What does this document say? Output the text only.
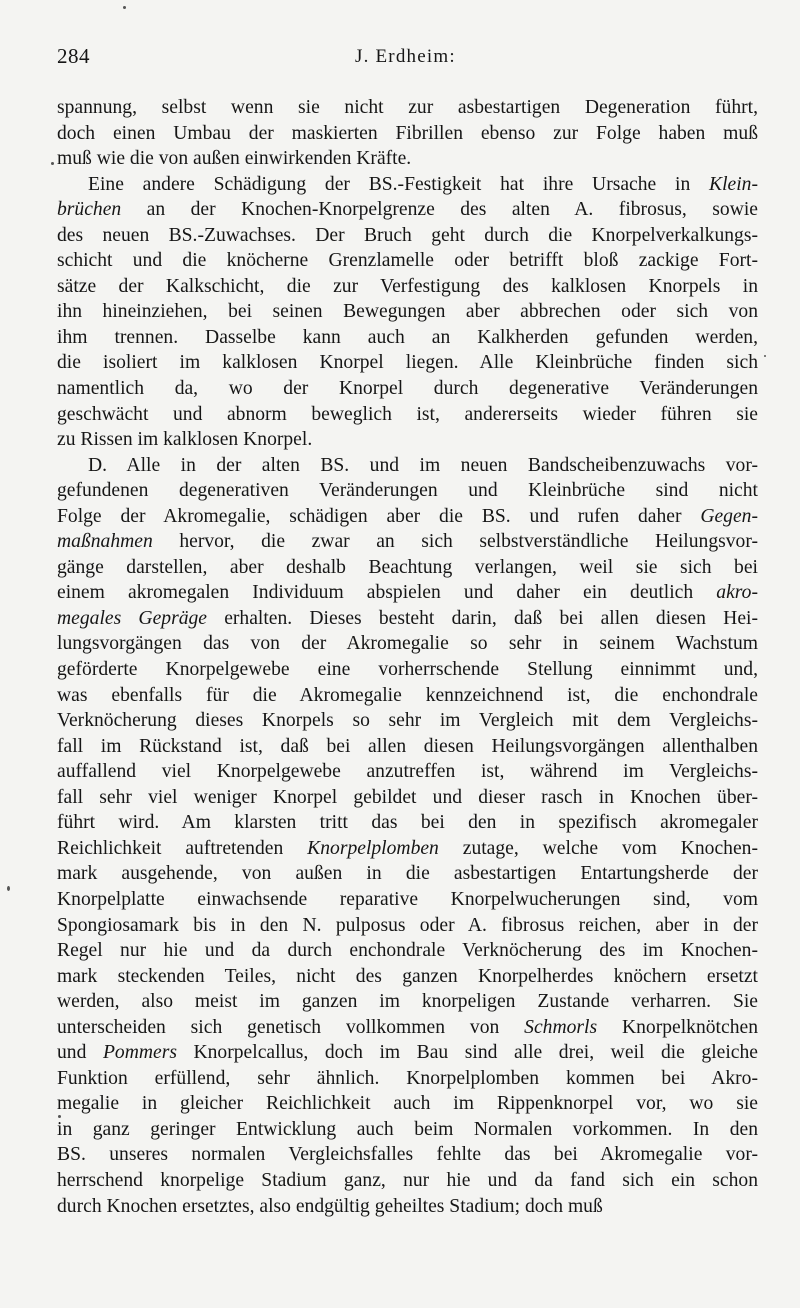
284	J. Erdheim:
spannung, selbst wenn sie nicht zur asbestartigen Degeneration führt,
doch einen Umbau der maskierten Fibrillen ebenso zur Folge haben muß
muß wie die von außen einwirkenden Kräfte.
Eine andere Schädigung der BS.-Festigkeit hat ihre Ursache in Klein-
brüchen an der Knochen-Knorpelgrenze des alten A. fibrosus, sowie
des neuen BS.-Zuwachses. Der Bruch geht durch die Knorpelverkalkungs-
schicht und die knöcherne Grenzlamelle oder betrifft bloß zackige Fort-
sätze der Kalkschicht, die zur Verfestigung des kalklosen Knorpels in
ihn hineinziehen, bei seinen Bewegungen aber abbrechen oder sich von
ihm trennen. Dasselbe kann auch an Kalkherden gefunden werden,
die isoliert im kalklosen Knorpel liegen. Alle Kleinbrüche finden sich
namentlich da, wo der Knorpel durch degenerative Veränderungen
geschwächt und abnorm beweglich ist, andererseits wieder führen sie
zu Rissen im kalklosen Knorpel.
D. Alle in der alten BS. und im neuen Bandscheibenzuwachs vor-
gefundenen degenerativen Veränderungen und Kleinbrüche sind nicht
Folge der Akromegalie, schädigen aber die BS. und rufen daher Gegen-
maßnahmen hervor, die zwar an sich selbstverständliche Heilungsvor-
gänge darstellen, aber deshalb Beachtung verlangen, weil sie sich bei
einem akromegalen Individuum abspielen und daher ein deutlich akro-
megales Gepräge erhalten. Dieses besteht darin, daß bei allen diesen Hei-
lungsvorgängen das von der Akromegalie so sehr in seinem Wachstum
geförderte Knorpelgewebe eine vorherrschende Stellung einnimmt und,
was ebenfalls für die Akromegalie kennzeichnend ist, die enchondrale
Verknöcherung dieses Knorpels so sehr im Vergleich mit dem Vergleichs-
fall im Rückstand ist, daß bei allen diesen Heilungsvorgängen allenthalben
auffallend viel Knorpelgewebe anzutreffen ist, während im Vergleichs-
fall sehr viel weniger Knorpel gebildet und dieser rasch in Knochen über-
führt wird. Am klarsten tritt das bei den in spezifisch akromegaler
Reichlichkeit auftretenden Knorpelplomben zutage, welche vom Knochen-
mark ausgehende, von außen in die asbestartigen Entartungsherde der
Knorpelplatte einwachsende reparative Knorpelwucherungen sind, vom
Spongiosamark bis in den N. pulposus oder A. fibrosus reichen, aber in der
Regel nur hie und da durch enchondrale Verknöcherung des im Knochen-
mark steckenden Teiles, nicht des ganzen Knorpelherdes knöchern ersetzt
werden, also meist im ganzen im knorpeligen Zustande verharren. Sie
unterscheiden sich genetisch vollkommen von Schmorls Knorpelknötchen
und Pommers Knorpelcallus, doch im Bau sind alle drei, weil die gleiche
Funktion erfüllend, sehr ähnlich. Knorpelplomben kommen bei Akro-
megalie in gleicher Reichlichkeit auch im Rippenknorpel vor, wo sie
in ganz geringer Entwicklung auch beim Normalen vorkommen. In den
BS. unseres normalen Vergleichsfalles fehlte das bei Akromegalie vor-
herrschend knorpelige Stadium ganz, nur hie und da fand sich ein schon
durch Knochen ersetztes, also endgültig geheiltes Stadium; doch muß
